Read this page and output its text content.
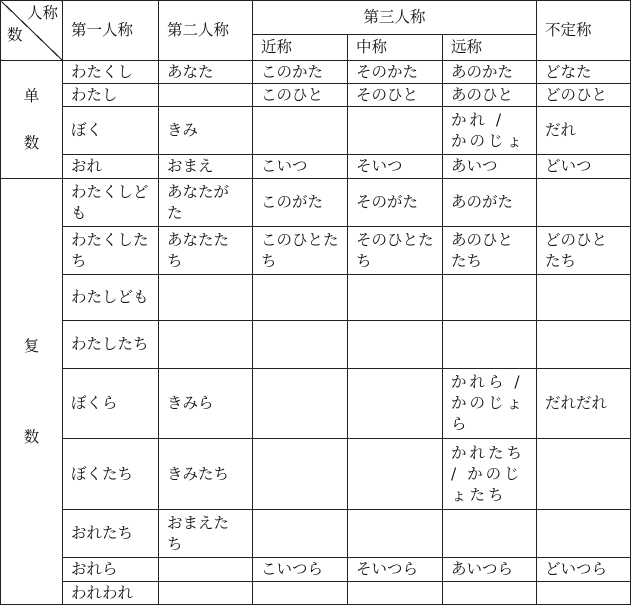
人称
数	第一人称	第二人称	第三人称			不定称
			近称	中称	远称	

单
数	わたくし	あなた	このかた	そのかた	あのかた	どなた
	わたし		このひと	そのひと	あのひと	どのひと
	ぼく	きみ			かれ / かのじょ	だれ
	おれ	おまえ	こいつ	そいつ	あいつ	どいつ

复
数	わたくしども	あなたがた	このがた	そのがた	あのがた	
	わたくしたち	あなたたち	このひとたち	そのひとたち	あのひとたち	どのひとたち
	わたしども					
	わたしたち					
	ぼくら	きみら			かれら / かのじょら	だれだれ
	ぼくたち	きみたち			かれたち / かのじょたち	
	おれたち	おまえたち				
	おれら		こいつら	そいつら	あいつら	どいつら
	われわれ					
